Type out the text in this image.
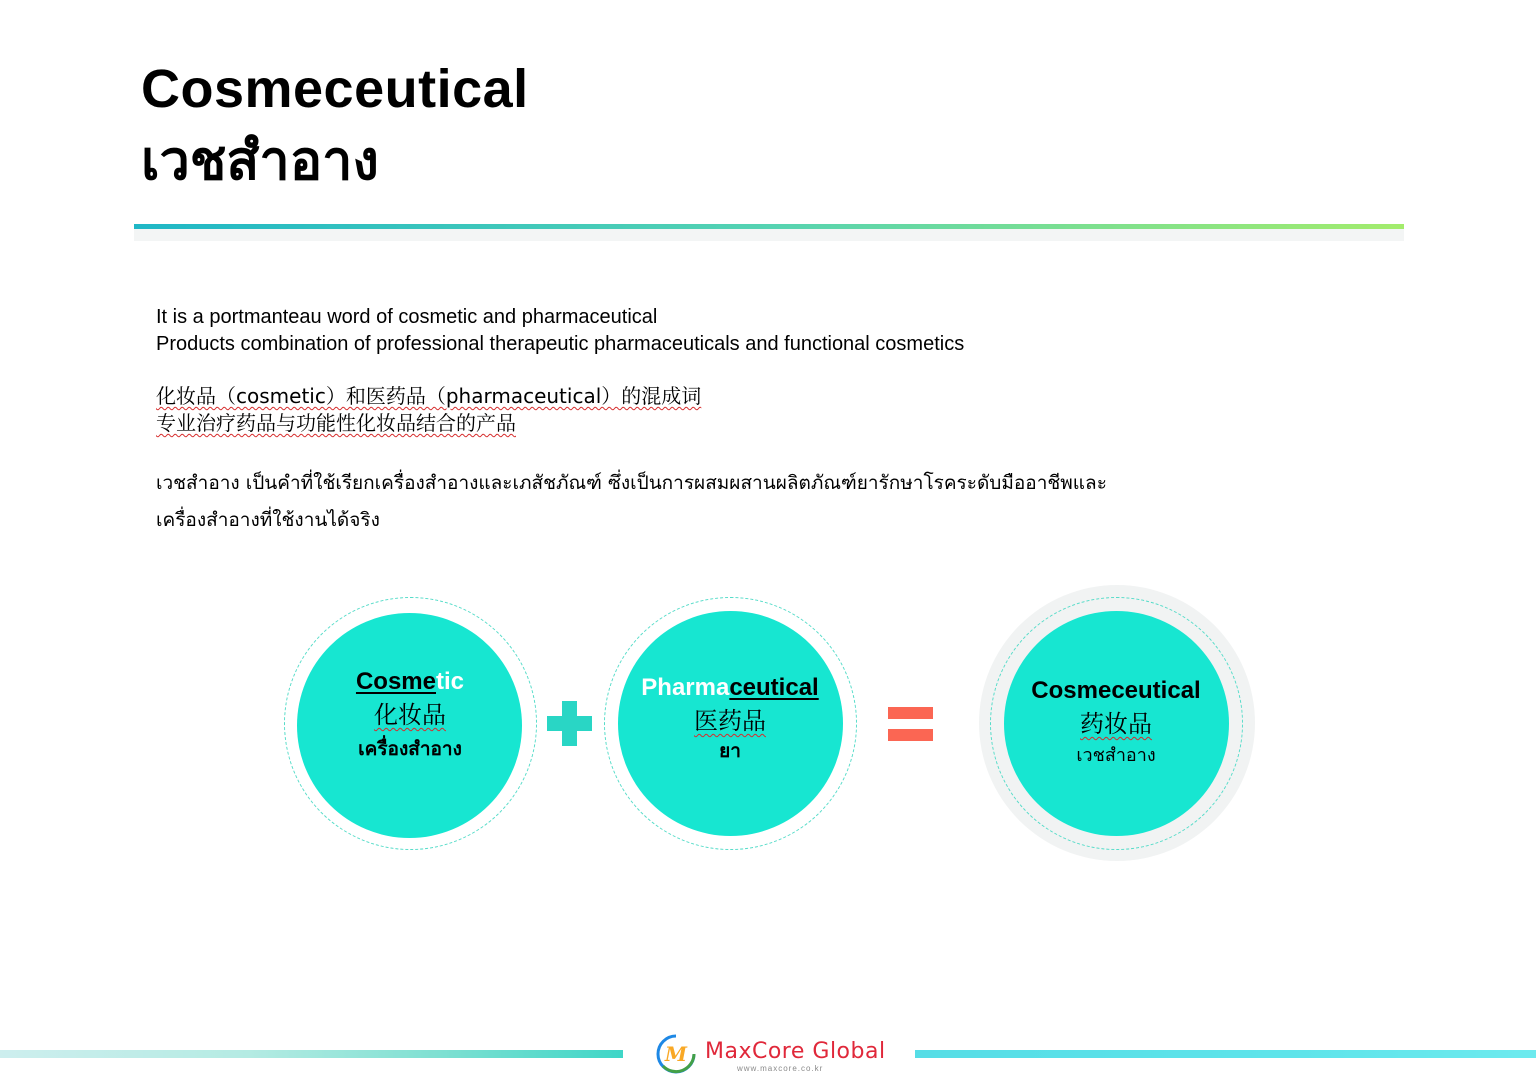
Cosmeceutical
เวชสำอาง
It is a portmanteau word of cosmetic and pharmaceutical
Products combination of professional therapeutic pharmaceuticals and functional cosmetics
化妆品（cosmetic）和医药品（pharmaceutical）的混成词
专业治疗药品与功能性化妆品结合的产品
เวชสำอาง เป็นคำที่ใช้เรียกเครื่องสำอางและเภสัชภัณฑ์ ซึ่งเป็นการผสมผสานผลิตภัณฑ์ยารักษาโรคระดับมืออาชีพและ
เครื่องสำอางที่ใช้งานได้จริง
Cosmetic
化妆品
เครื่องสำอาง
Pharmaceutical
医药品
ยา
Cosmeceutical
药妆品
เวชสำอาง
M MaxCore Global
www.maxcore.co.kr
